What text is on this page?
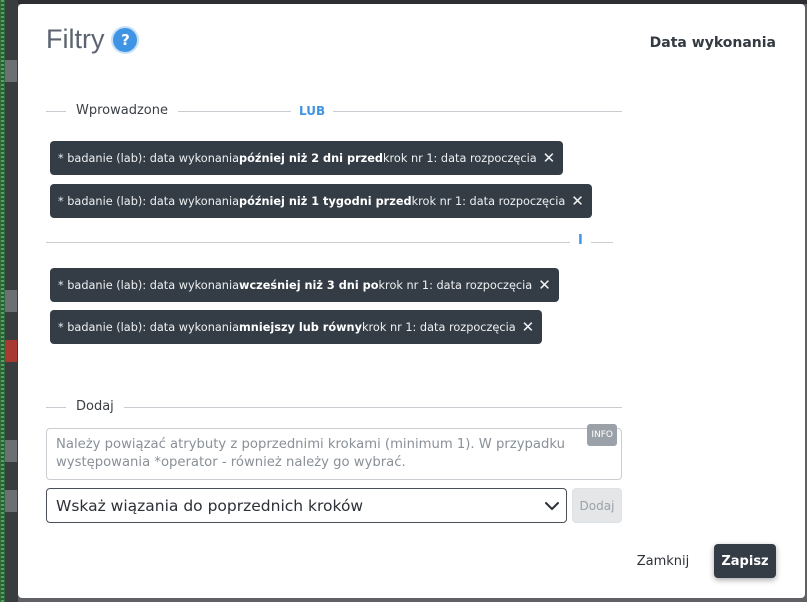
Filtry	?	Data wykonania
Wprowadzone	LUB
* badanie (lab): data wykonania później niż 2 dni przed krok nr 1: data rozpoczęcia ✕
* badanie (lab): data wykonania później niż 1 tygodni przed krok nr 1: data rozpoczęcia ✕
I
* badanie (lab): data wykonania wcześniej niż 3 dni po krok nr 1: data rozpoczęcia ✕
* badanie (lab): data wykonania mniejszy lub równy krok nr 1: data rozpoczęcia ✕
Dodaj
Należy powiązać atrybuty z poprzednimi krokami (minimum 1). W przypadku występowania *operator - również należy go wybrać.
INFO
Wskaż wiązania do poprzednich kroków	Dodaj
Zamknij	Zapisz
